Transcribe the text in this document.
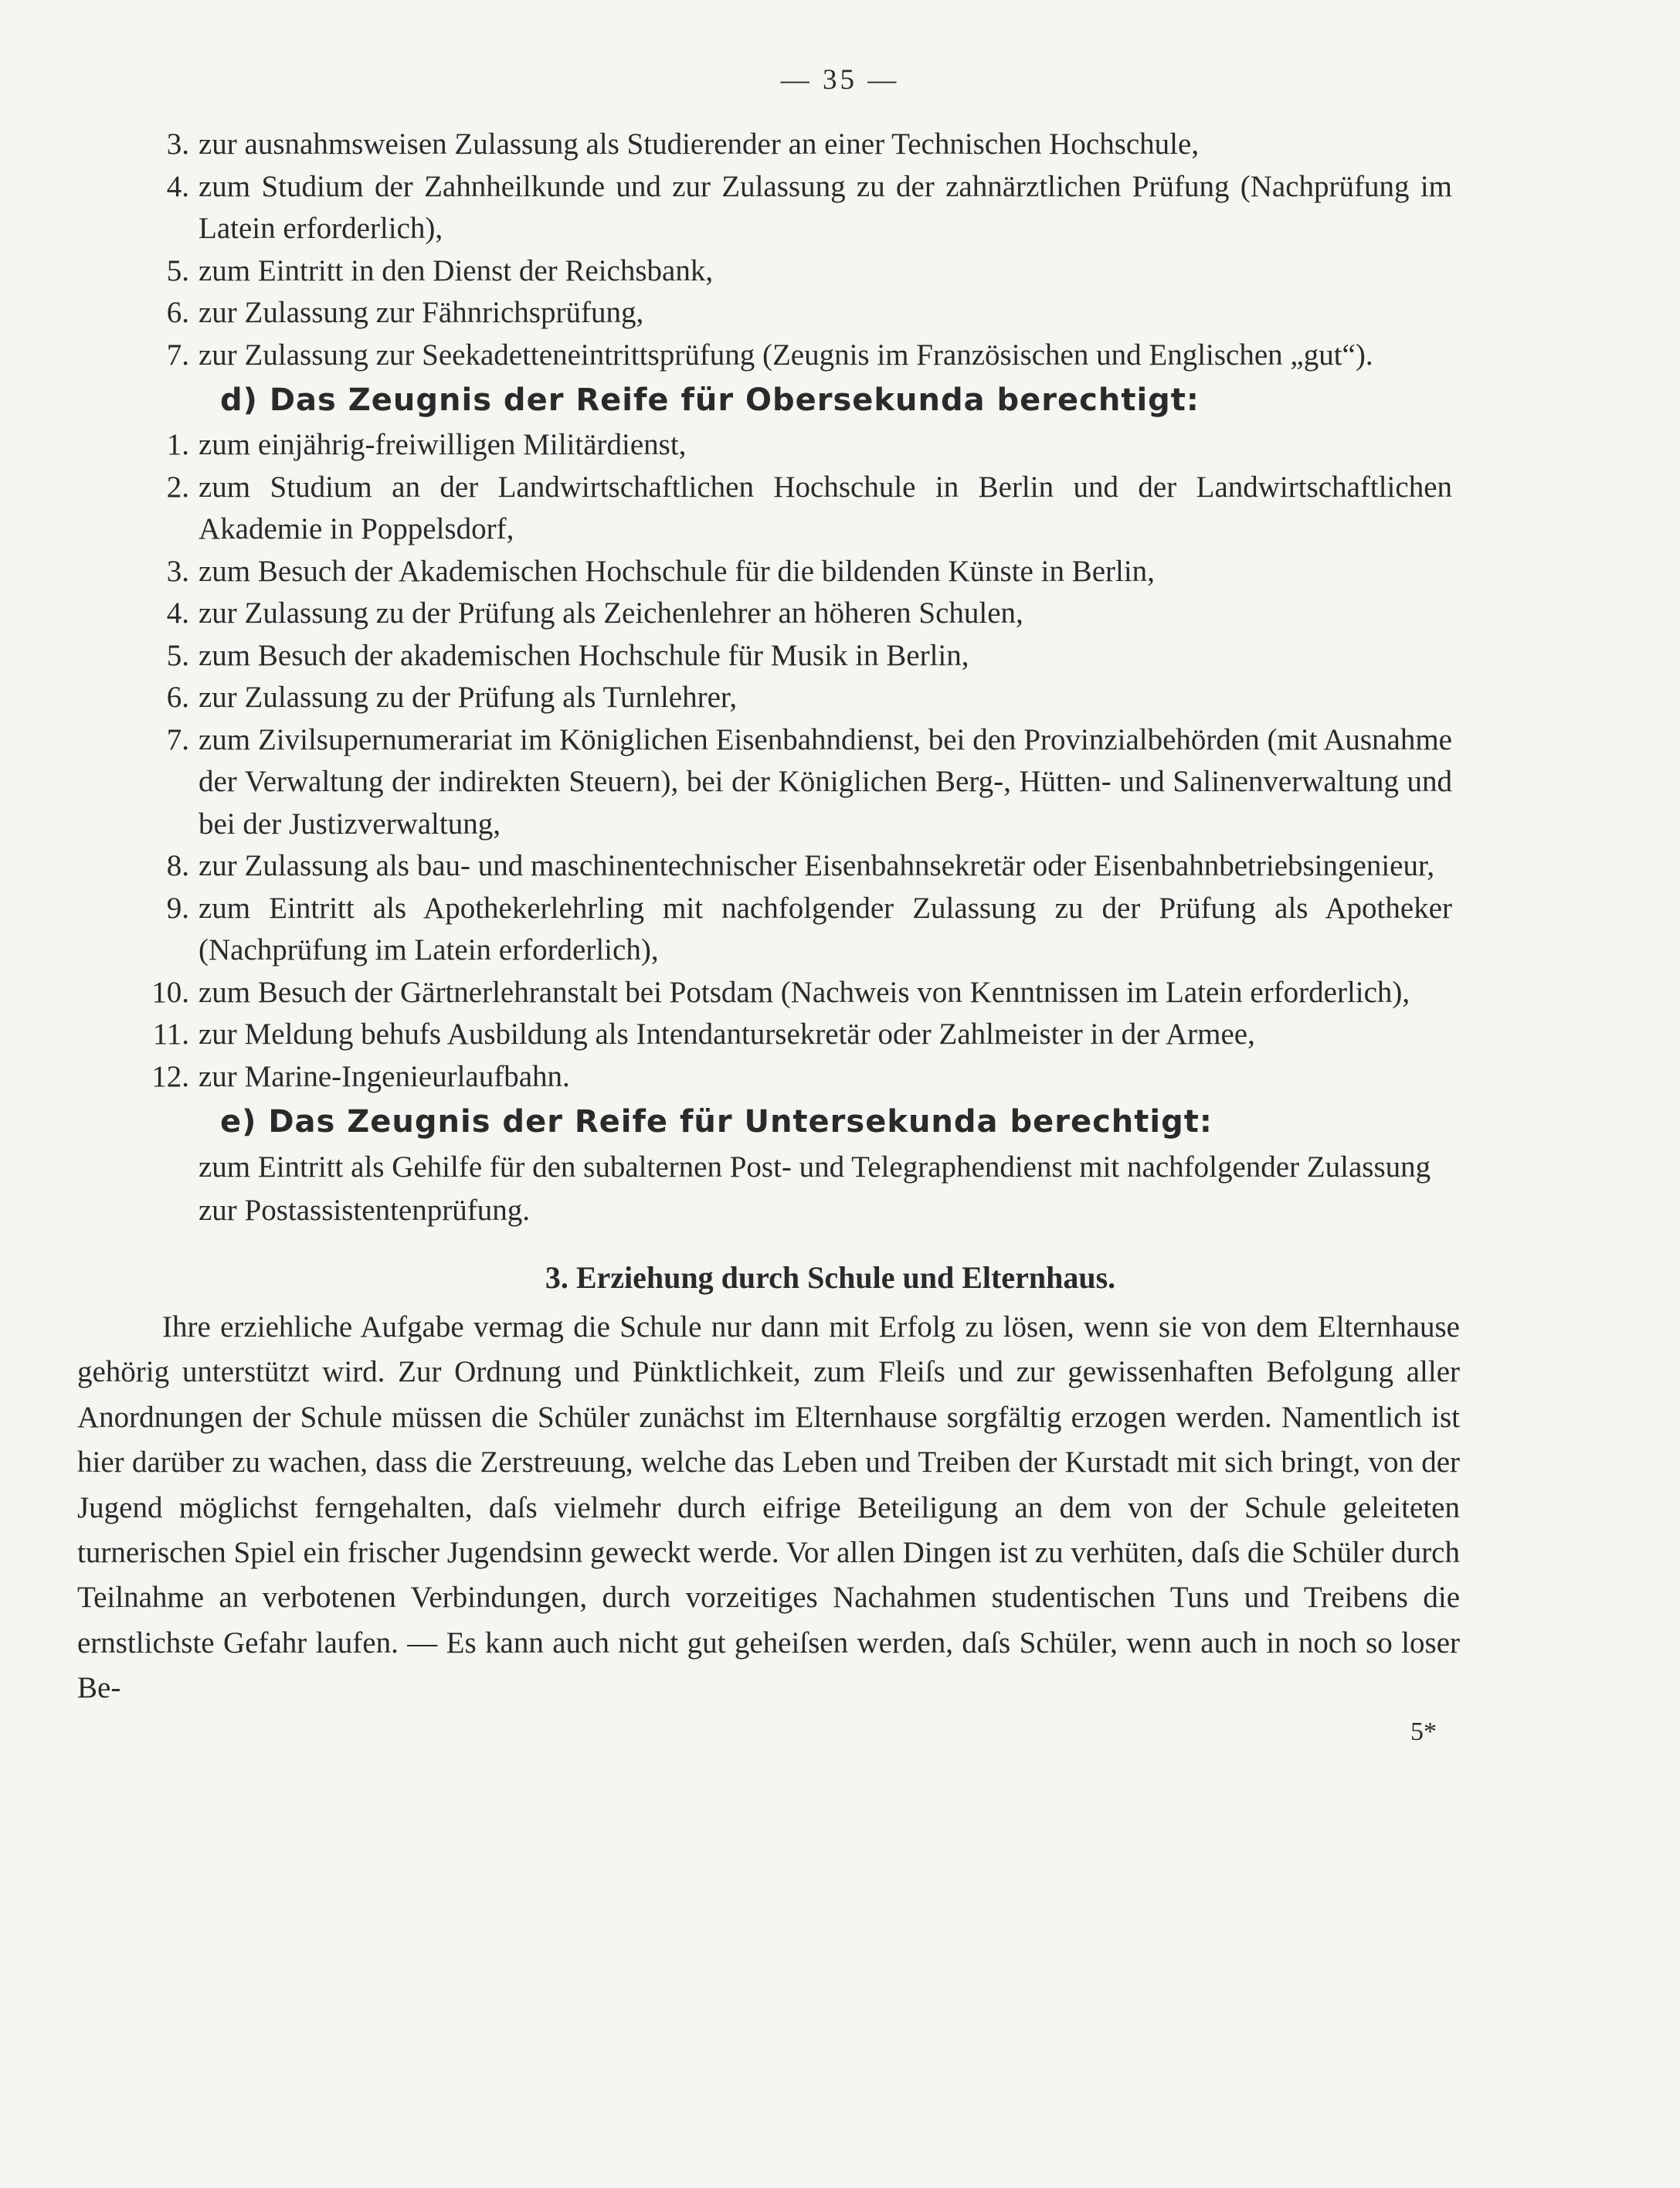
— 35 —
3. zur ausnahmsweisen Zulassung als Studierender an einer Technischen Hochschule,
4. zum Studium der Zahnheilkunde und zur Zulassung zu der zahnärztlichen Prüfung (Nachprüfung im Latein erforderlich),
5. zum Eintritt in den Dienst der Reichsbank,
6. zur Zulassung zur Fähnrichsprüfung,
7. zur Zulassung zur Seekadetteneintrittsprüfung (Zeugnis im Französischen und Englischen „gut“).
d) Das Zeugnis der Reife für Obersekunda berechtigt:
1. zum einjährig-freiwilligen Militärdienst,
2. zum Studium an der Landwirtschaftlichen Hochschule in Berlin und der Landwirtschaftlichen Akademie in Poppelsdorf,
3. zum Besuch der Akademischen Hochschule für die bildenden Künste in Berlin,
4. zur Zulassung zu der Prüfung als Zeichenlehrer an höheren Schulen,
5. zum Besuch der akademischen Hochschule für Musik in Berlin,
6. zur Zulassung zu der Prüfung als Turnlehrer,
7. zum Zivilsupernumerariat im Königlichen Eisenbahndienst, bei den Provinzialbehörden (mit Ausnahme der Verwaltung der indirekten Steuern), bei der Königlichen Berg-, Hütten- und Salinenverwaltung und bei der Justizverwaltung,
8. zur Zulassung als bau- und maschinentechnischer Eisenbahnsekretär oder Eisenbahnbetriebsingenieur,
9. zum Eintritt als Apothekerlehrling mit nachfolgender Zulassung zu der Prüfung als Apotheker (Nachprüfung im Latein erforderlich),
10. zum Besuch der Gärtnerlehranstalt bei Potsdam (Nachweis von Kenntnissen im Latein erforderlich),
11. zur Meldung behufs Ausbildung als Intendantursekretär oder Zahlmeister in der Armee,
12. zur Marine-Ingenieurlaufbahn.
e) Das Zeugnis der Reife für Untersekunda berechtigt:
zum Eintritt als Gehilfe für den subalternen Post- und Telegraphendienst mit nachfolgender Zulassung zur Postassistentenprüfung.
3. Erziehung durch Schule und Elternhaus.
Ihre erziehliche Aufgabe vermag die Schule nur dann mit Erfolg zu lösen, wenn sie von dem Elternhause gehörig unterstützt wird. Zur Ordnung und Pünktlichkeit, zum Fleiſs und zur gewissenhaften Befolgung aller Anordnungen der Schule müssen die Schüler zunächst im Elternhause sorgfältig erzogen werden. Namentlich ist hier darüber zu wachen, dass die Zerstreuung, welche das Leben und Treiben der Kurstadt mit sich bringt, von der Jugend möglichst ferngehalten, daſs vielmehr durch eifrige Beteiligung an dem von der Schule geleiteten turnerischen Spiel ein frischer Jugendsinn geweckt werde. Vor allen Dingen ist zu verhüten, daſs die Schüler durch Teilnahme an verbotenen Verbindungen, durch vorzeitiges Nachahmen studentischen Tuns und Treibens die ernstlichste Gefahr laufen. — Es kann auch nicht gut geheiſsen werden, daſs Schüler, wenn auch in noch so loser Be-
5*
